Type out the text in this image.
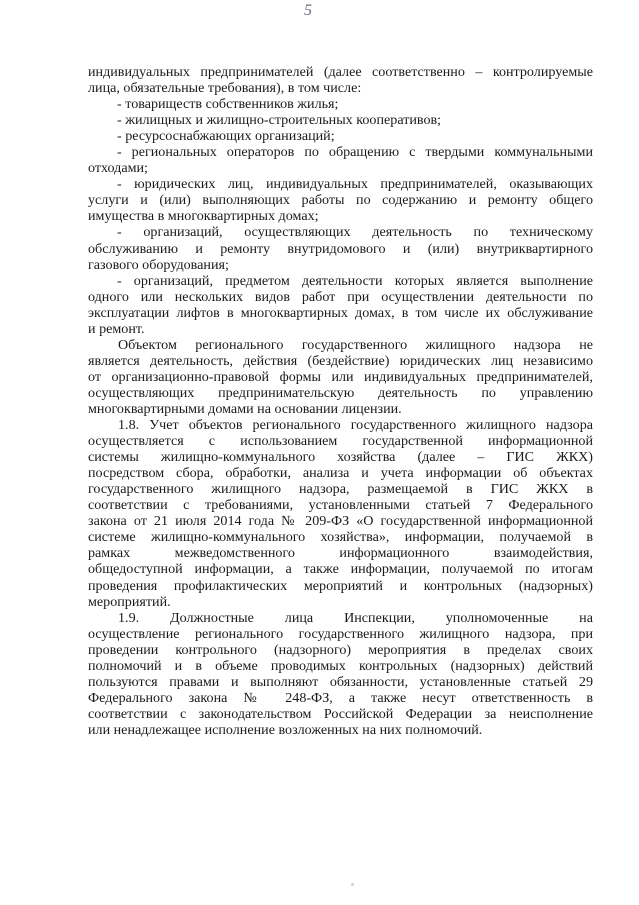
5
индивидуальных предпринимателей (далее соответственно – контролируемые
лица, обязательные требования), в том числе:
- товариществ собственников жилья;
- жилищных и жилищно-строительных кооперативов;
- ресурсоснабжающих организаций;
- региональных операторов по обращению с твердыми коммунальными
отходами;
- юридических лиц, индивидуальных предпринимателей, оказывающих
услуги и (или) выполняющих работы по содержанию и ремонту общего
имущества в многоквартирных домах;
- организаций, осуществляющих деятельность по техническому
обслуживанию и ремонту внутридомового и (или) внутриквартирного
газового оборудования;
- организаций, предметом деятельности которых является выполнение
одного или нескольких видов работ при осуществлении деятельности по
эксплуатации лифтов в многоквартирных домах, в том числе их обслуживание
и ремонт.
Объектом регионального государственного жилищного надзора не
является деятельность, действия (бездействие) юридических лиц независимо
от организационно-правовой формы или индивидуальных предпринимателей,
осуществляющих предпринимательскую деятельность по управлению
многоквартирными домами на основании лицензии.
1.8. Учет объектов регионального государственного жилищного надзора
осуществляется с использованием государственной информационной
системы жилищно-коммунального хозяйства (далее – ГИС ЖКХ)
посредством сбора, обработки, анализа и учета информации об объектах
государственного жилищного надзора, размещаемой в ГИС ЖКХ в
соответствии с требованиями, установленными статьей 7 Федерального
закона от 21 июля 2014 года № 209-ФЗ «О государственной информационной
системе жилищно-коммунального хозяйства», информации, получаемой в
рамках межведомственного информационного взаимодействия,
общедоступной информации, а также информации, получаемой по итогам
проведения профилактических мероприятий и контрольных (надзорных)
мероприятий.
1.9. Должностные лица Инспекции, уполномоченные на
осуществление регионального государственного жилищного надзора, при
проведении контрольного (надзорного) мероприятия в пределах своих
полномочий и в объеме проводимых контрольных (надзорных) действий
пользуются правами и выполняют обязанности, установленные статьей 29
Федерального закона № 248-ФЗ, а также несут ответственность в
соответствии с законодательством Российской Федерации за неисполнение
или ненадлежащее исполнение возложенных на них полномочий.
